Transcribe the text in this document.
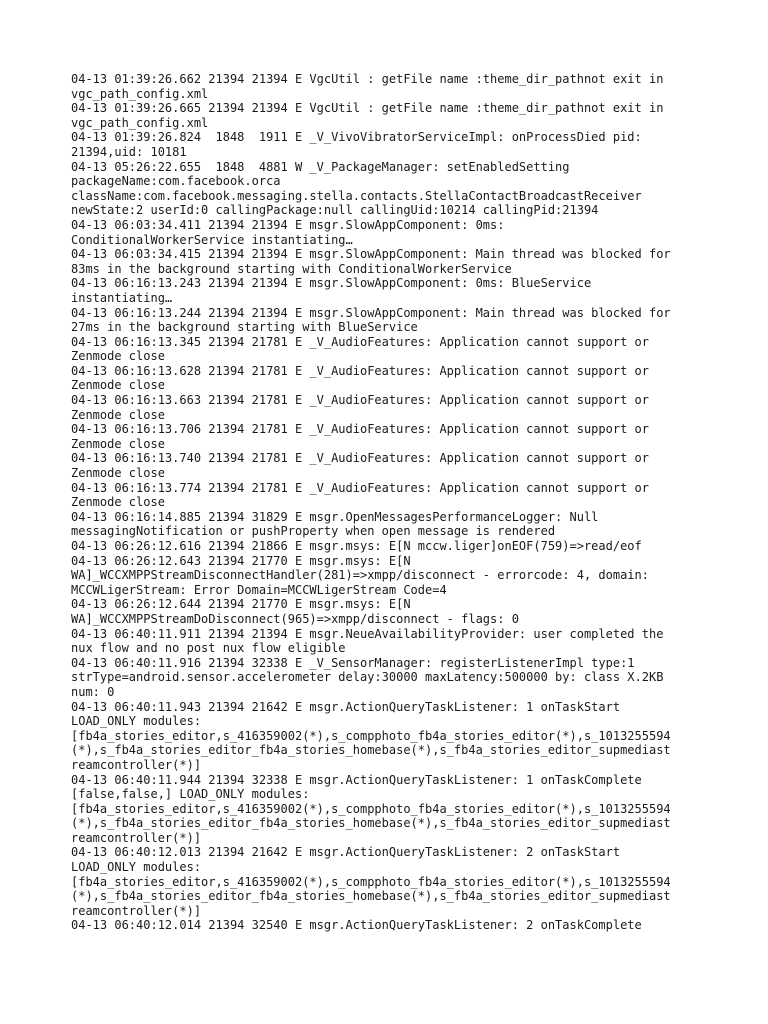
04-13 01:39:26.662 21394 21394 E VgcUtil : getFile name :theme_dir_pathnot exit in
vgc_path_config.xml
04-13 01:39:26.665 21394 21394 E VgcUtil : getFile name :theme_dir_pathnot exit in
vgc_path_config.xml
04-13 01:39:26.824  1848  1911 E _V_VivoVibratorServiceImpl: onProcessDied pid:
21394,uid: 10181
04-13 05:26:22.655  1848  4881 W _V_PackageManager: setEnabledSetting
packageName:com.facebook.orca
className:com.facebook.messaging.stella.contacts.StellaContactBroadcastReceiver
newState:2 userId:0 callingPackage:null callingUid:10214 callingPid:21394
04-13 06:03:34.411 21394 21394 E msgr.SlowAppComponent: 0ms:
ConditionalWorkerService instantiating…
04-13 06:03:34.415 21394 21394 E msgr.SlowAppComponent: Main thread was blocked for
83ms in the background starting with ConditionalWorkerService
04-13 06:16:13.243 21394 21394 E msgr.SlowAppComponent: 0ms: BlueService
instantiating…
04-13 06:16:13.244 21394 21394 E msgr.SlowAppComponent: Main thread was blocked for
27ms in the background starting with BlueService
04-13 06:16:13.345 21394 21781 E _V_AudioFeatures: Application cannot support or
Zenmode close
04-13 06:16:13.628 21394 21781 E _V_AudioFeatures: Application cannot support or
Zenmode close
04-13 06:16:13.663 21394 21781 E _V_AudioFeatures: Application cannot support or
Zenmode close
04-13 06:16:13.706 21394 21781 E _V_AudioFeatures: Application cannot support or
Zenmode close
04-13 06:16:13.740 21394 21781 E _V_AudioFeatures: Application cannot support or
Zenmode close
04-13 06:16:13.774 21394 21781 E _V_AudioFeatures: Application cannot support or
Zenmode close
04-13 06:16:14.885 21394 31829 E msgr.OpenMessagesPerformanceLogger: Null
messagingNotification or pushProperty when open message is rendered
04-13 06:26:12.616 21394 21866 E msgr.msys: E[N mccw.liger]onEOF(759)=>read/eof
04-13 06:26:12.643 21394 21770 E msgr.msys: E[N
WA]_WCCXMPPStreamDisconnectHandler(281)=>xmpp/disconnect - errorcode: 4, domain:
MCCWLigerStream: Error Domain=MCCWLigerStream Code=4
04-13 06:26:12.644 21394 21770 E msgr.msys: E[N
WA]_WCCXMPPStreamDoDisconnect(965)=>xmpp/disconnect - flags: 0
04-13 06:40:11.911 21394 21394 E msgr.NeueAvailabilityProvider: user completed the
nux flow and no post nux flow eligible
04-13 06:40:11.916 21394 32338 E _V_SensorManager: registerListenerImpl type:1
strType=android.sensor.accelerometer delay:30000 maxLatency:500000 by: class X.2KB
num: 0
04-13 06:40:11.943 21394 21642 E msgr.ActionQueryTaskListener: 1 onTaskStart
LOAD_ONLY modules:
[fb4a_stories_editor,s_416359002(*),s_compphoto_fb4a_stories_editor(*),s_1013255594
(*),s_fb4a_stories_editor_fb4a_stories_homebase(*),s_fb4a_stories_editor_supmediast
reamcontroller(*)]
04-13 06:40:11.944 21394 32338 E msgr.ActionQueryTaskListener: 1 onTaskComplete
[false,false,] LOAD_ONLY modules:
[fb4a_stories_editor,s_416359002(*),s_compphoto_fb4a_stories_editor(*),s_1013255594
(*),s_fb4a_stories_editor_fb4a_stories_homebase(*),s_fb4a_stories_editor_supmediast
reamcontroller(*)]
04-13 06:40:12.013 21394 21642 E msgr.ActionQueryTaskListener: 2 onTaskStart
LOAD_ONLY modules:
[fb4a_stories_editor,s_416359002(*),s_compphoto_fb4a_stories_editor(*),s_1013255594
(*),s_fb4a_stories_editor_fb4a_stories_homebase(*),s_fb4a_stories_editor_supmediast
reamcontroller(*)]
04-13 06:40:12.014 21394 32540 E msgr.ActionQueryTaskListener: 2 onTaskComplete
